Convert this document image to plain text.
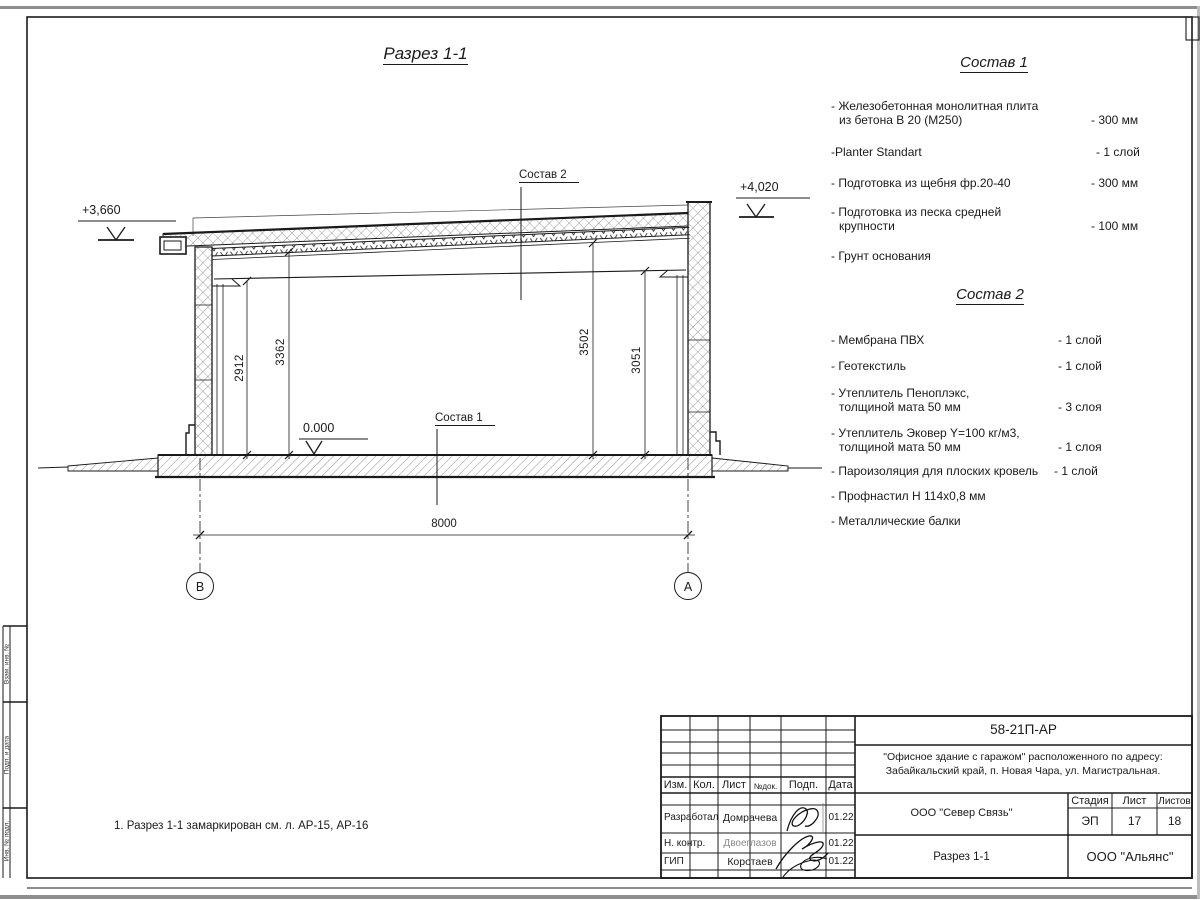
Разрез 1-1
+3,660
+4,020
0.000
Состав 2
Состав 1
2912
3362	3502
3051
8000
В	А
1. Разрез 1-1 замаркирован см. л. АР-15, АР-16
Состав 1
- Железобетонная монолитная плита
из бетона В 20 (М250)	- 300 мм
-Planter Standart	- 1 слой
- Подготовка из щебня фр.20-40	- 300 мм
- Подготовка из песка средней
крупности	- 100 мм
- Грунт основания
Состав 2
- Мембрана ПВХ	- 1 слой
- Геотекстиль	- 1 слой
- Утеплитель Пеноплэкс,
толщиной мата 50 мм	- 3 слоя
- Утеплитель Эковер Y=100 кг/м3,
толщиной мата 50 мм	- 1 слоя
- Пароизоляция для плоских кровель - 1 слой
- Профнастил Н 114х0,8 мм
- Металлические балки
Взам. инв. №
Подп. и дата
Инв. № подл.
58-21П-АР
"Офисное здание с гаражом" расположенного по адресу:
Забайкальский край, п. Новая Чара, ул. Магистральная.
Изм. Кол. Лист №док.	Подп. Дата
Разработал Домрачева	01.22
Н. контр.	Двоеглазов	01.22
ГИП	Коротаев	01.22
ООО "Север Связь"
Стадия	Лист	Листов
ЭП	17	18
Разрез 1-1	ООО "Альянс"
